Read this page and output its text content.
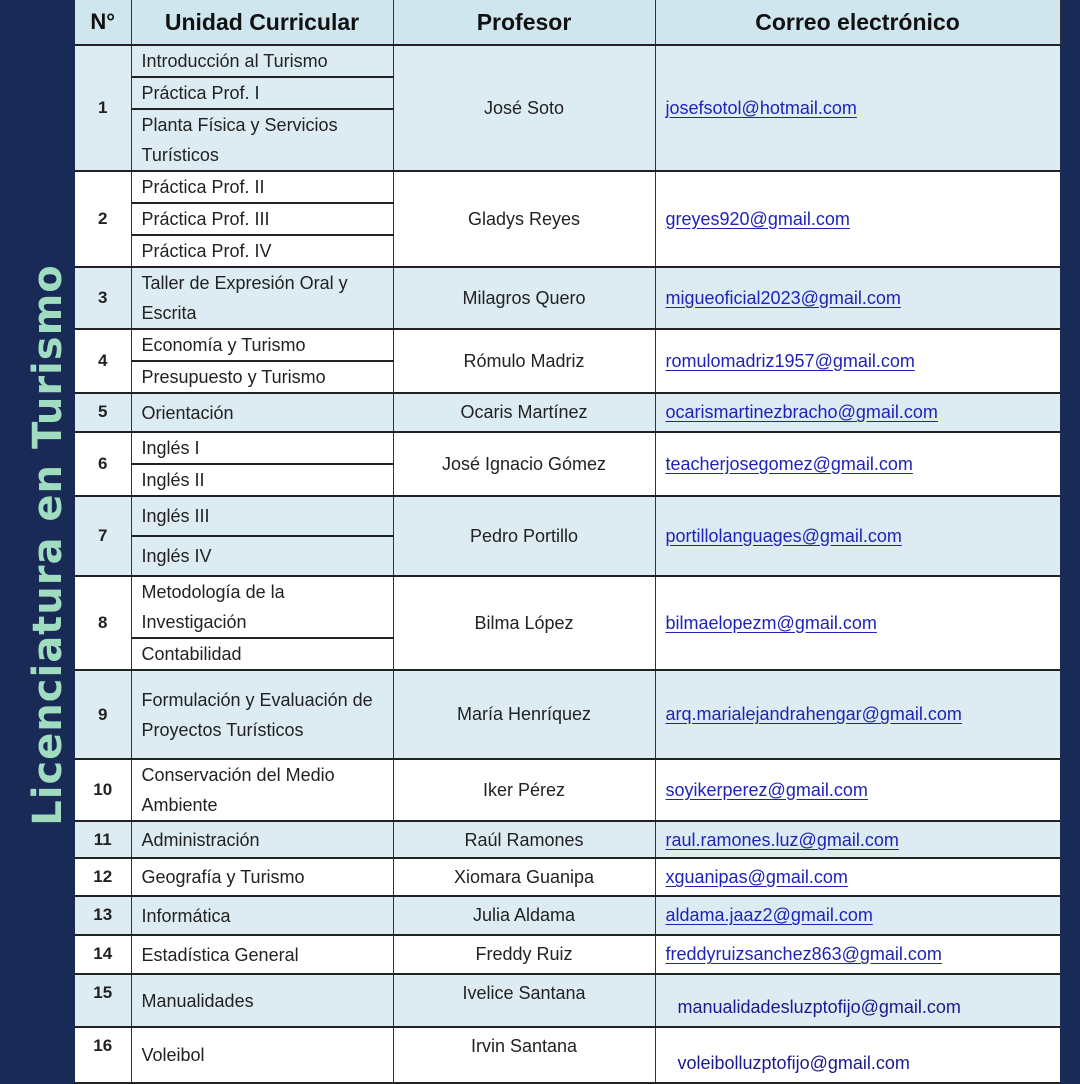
Licenciatura en Turismo
N°	Unidad Curricular	Profesor	Correo electrónico
1	Introducción al Turismo	José Soto	josefsotol@hotmail.com
	Práctica Prof. I		
	Planta Física y Servicios Turísticos		
2	Práctica Prof. II	Gladys Reyes	greyes920@gmail.com
	Práctica Prof. III		
	Práctica Prof. IV		
3	Taller de Expresión Oral y Escrita	Milagros Quero	migueoficial2023@gmail.com
4	Economía y Turismo	Rómulo Madriz	romulomadriz1957@gmail.com
	Presupuesto y Turismo		
5	Orientación	Ocaris Martínez	ocarismartinezbracho@gmail.com
6	Inglés I	José Ignacio Gómez	teacherjosegomez@gmail.com
	Inglés II		
7	Inglés III	Pedro Portillo	portillolanguages@gmail.com
	Inglés IV		
8	Metodología de la Investigación	Bilma López	bilmaelopezm@gmail.com
	Contabilidad		
9	Formulación y Evaluación de Proyectos Turísticos	María Henríquez	arq.marialejandrahengar@gmail.com
10	Conservación del Medio Ambiente	Iker Pérez	soyikerperez@gmail.com
11	Administración	Raúl Ramones	raul.ramones.luz@gmail.com
12	Geografía y Turismo	Xiomara Guanipa	xguanipas@gmail.com
13	Informática	Julia Aldama	aldama.jaaz2@gmail.com
14	Estadística General	Freddy Ruiz	freddyruizsanchez863@gmail.com
15	Manualidades	Ivelice Santana	manualidadesluzptofijo@gmail.com
16	Voleibol	Irvin Santana	voleibolluzptofijo@gmail.com
